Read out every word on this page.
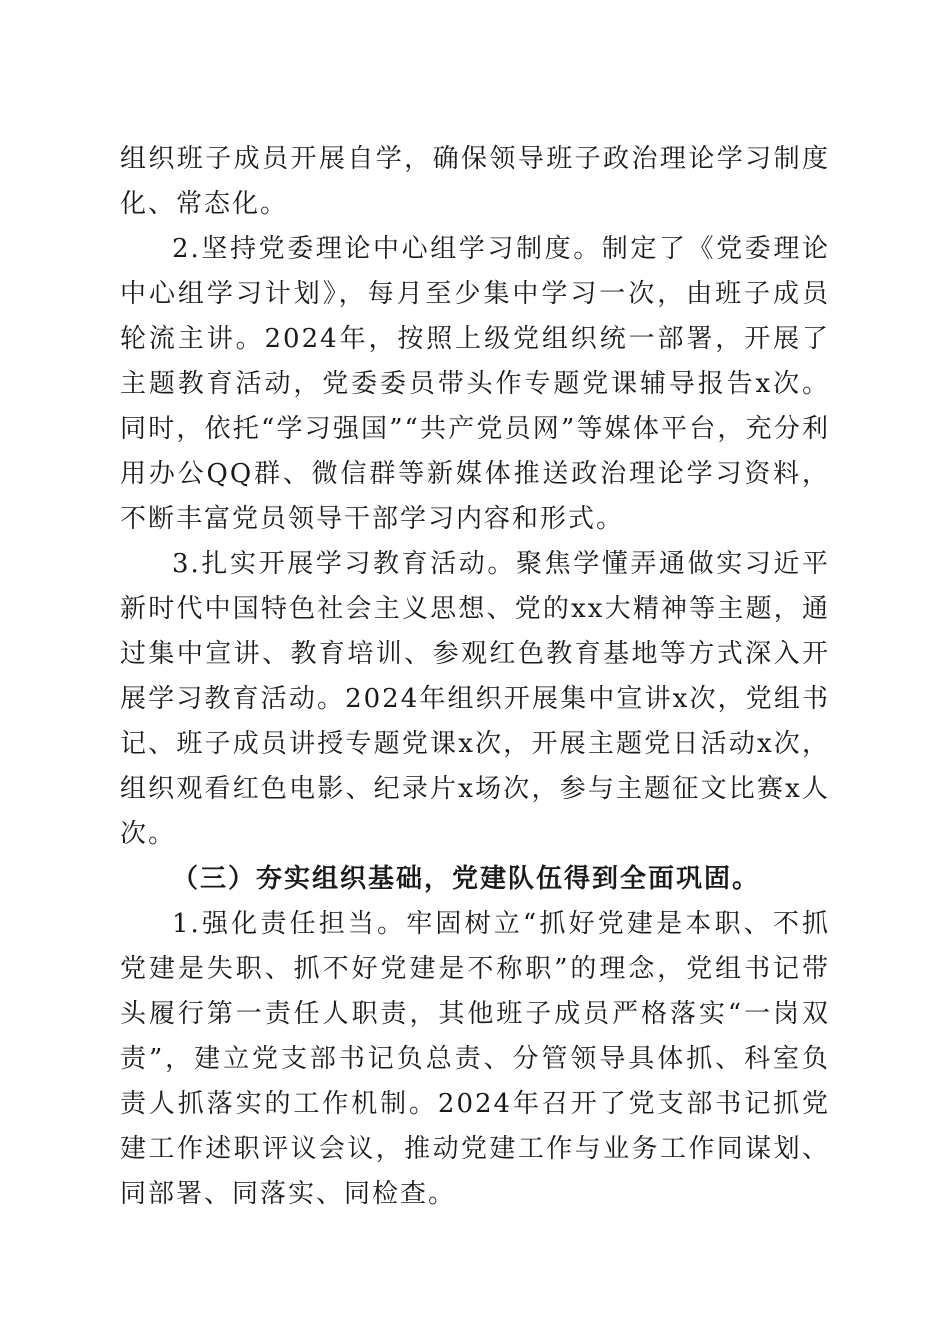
组织班子成员开展自学，确保领导班子政治理论学习制度化、常态化。

2.坚持党委理论中心组学习制度。制定了《党委理论中心组学习计划》，每月至少集中学习一次，由班子成员轮流主讲。2024年，按照上级党组织统一部署，开展了主题教育活动，党委委员带头作专题党课辅导报告x次。同时，依托“学习强国”“共产党员网”等媒体平台，充分利用办公QQ群、微信群等新媒体推送政治理论学习资料，不断丰富党员领导干部学习内容和形式。

3.扎实开展学习教育活动。聚焦学懂弄通做实习近平新时代中国特色社会主义思想、党的xx大精神等主题，通过集中宣讲、教育培训、参观红色教育基地等方式深入开展学习教育活动。2024年组织开展集中宣讲x次，党组书记、班子成员讲授专题党课x次，开展主题党日活动x次，组织观看红色电影、纪录片x场次，参与主题征文比赛x人次。

（三）夯实组织基础，党建队伍得到全面巩固。

1.强化责任担当。牢固树立“抓好党建是本职、不抓党建是失职、抓不好党建是不称职”的理念，党组书记带头履行第一责任人职责，其他班子成员严格落实“一岗双责”，建立党支部书记负总责、分管领导具体抓、科室负责人抓落实的工作机制。2024年召开了党支部书记抓党建工作述职评议会议，推动党建工作与业务工作同谋划、同部署、同落实、同检查。
